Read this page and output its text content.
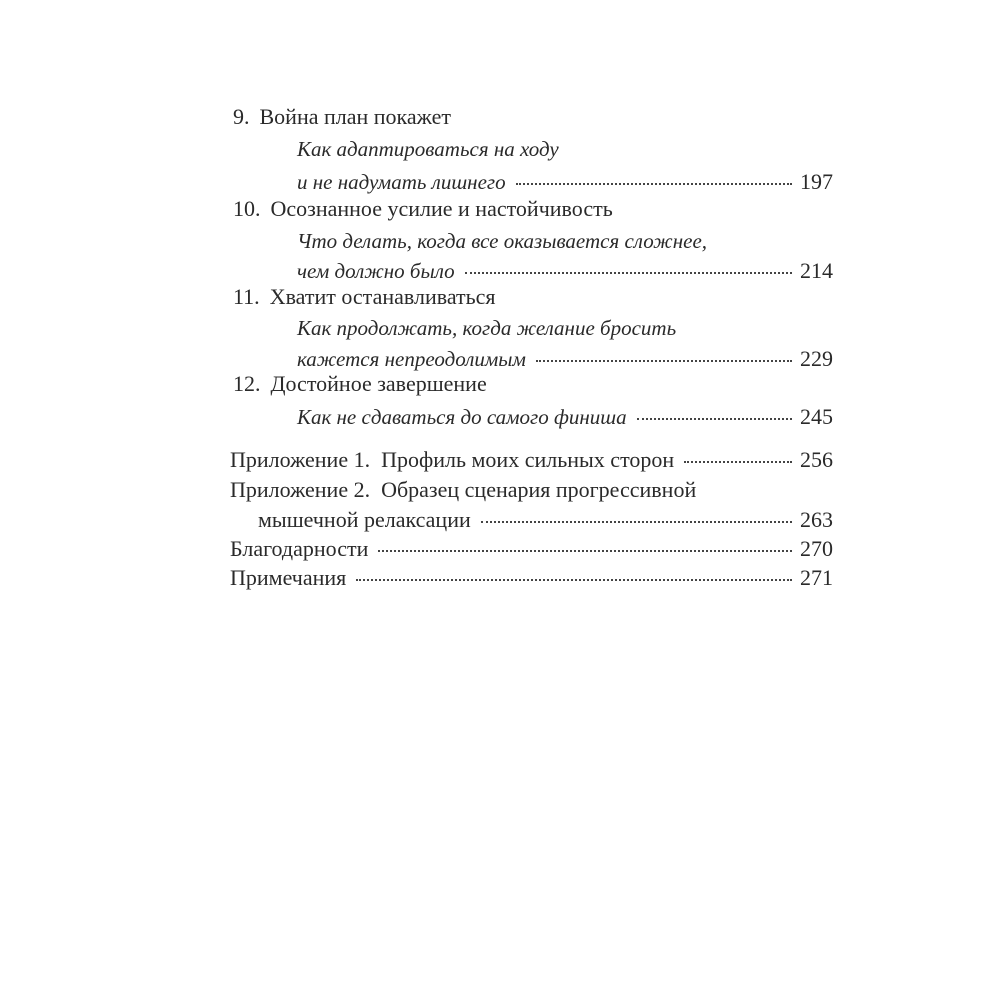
9. Война план покажет
Как адаптироваться на ходу
и не надумать лишнего	197
10. Осознанное усилие и настойчивость
Что делать, когда все оказывается сложнее,
чем должно было	214
11. Хватит останавливаться
Как продолжать, когда желание бросить
кажется непреодолимым	229
12. Достойное завершение
Как не сдаваться до самого финиша	245
Приложение 1.  Профиль моих сильных сторон	256
Приложение 2.  Образец сценария прогрессивной
мышечной релаксации	263
Благодарности	270
Примечания	271
